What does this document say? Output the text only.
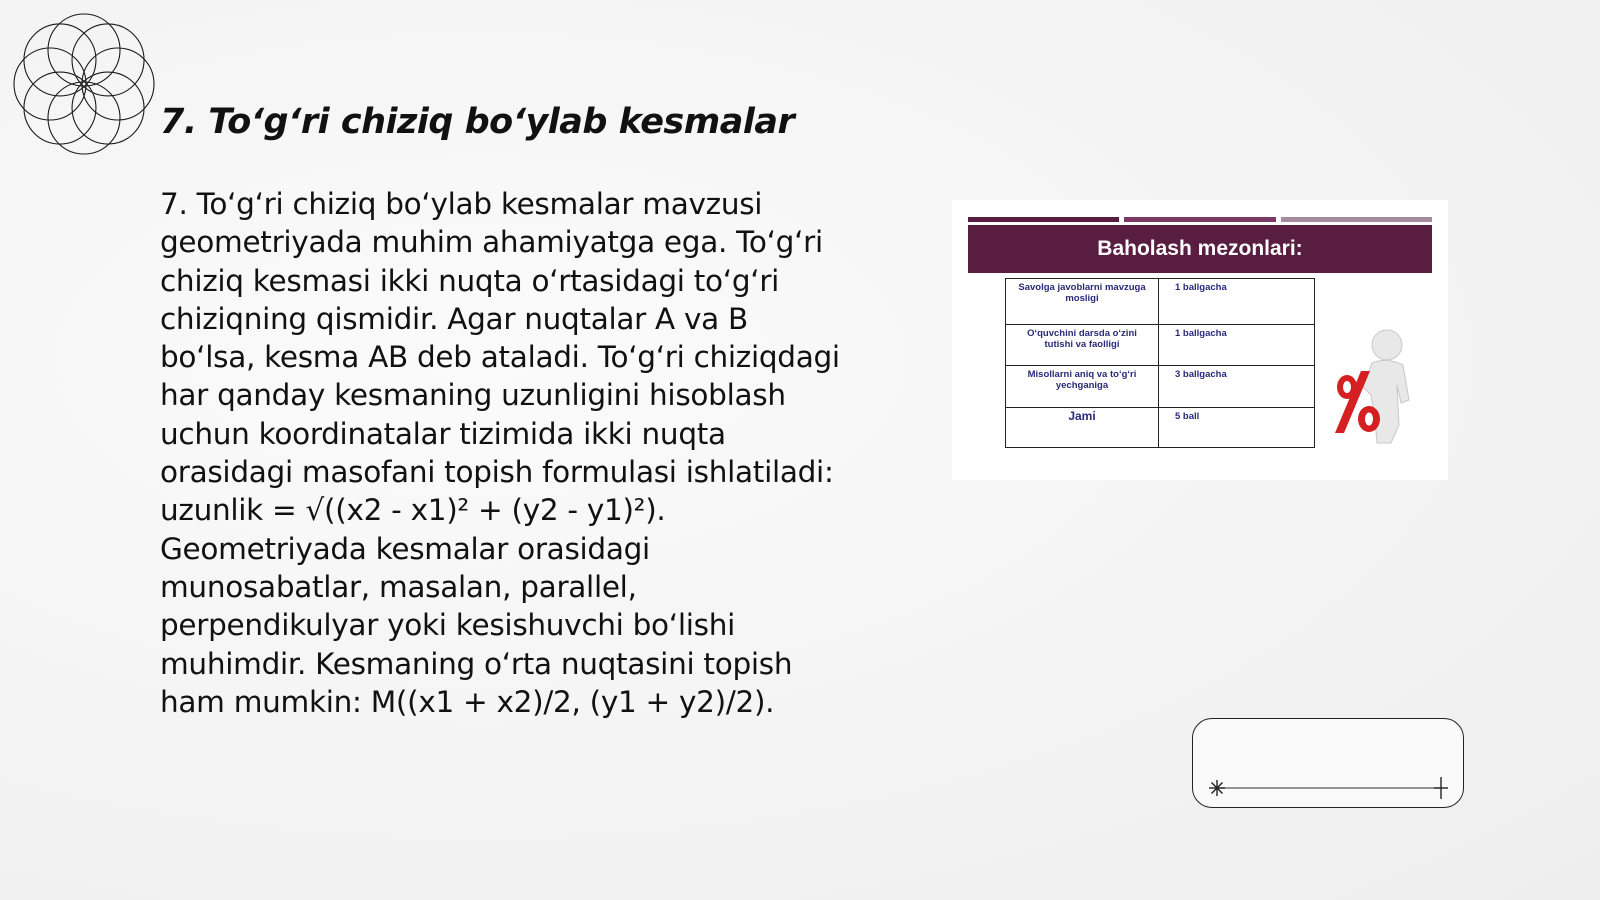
7. To‘g‘ri chiziq bo‘ylab kesmalar

7. To‘g‘ri chiziq bo‘ylab kesmalar mavzusi geometriyada muhim ahamiyatga ega. To‘g‘ri chiziq kesmasi ikki nuqta o‘rtasidagi to‘g‘ri chiziqning qismidir. Agar nuqtalar A va B bo‘lsa, kesma AB deb ataladi. To‘g‘ri chiziqdagi har qanday kesmaning uzunligini hisoblash uchun koordinatalar tizimida ikki nuqta orasidagi masofani topish formulasi ishlatiladi: uzunlik = √((x2 - x1)² + (y2 - y1)²). Geometriyada kesmalar orasidagi munosabatlar, masalan, parallel, perpendikulyar yoki kesishuvchi bo‘lishi muhimdir. Kesmaning o‘rta nuqtasini topish ham mumkin: M((x1 + x2)/2, (y1 + y2)/2).

Baholash mezonlari:
Savolga javoblarni mavzuga mosligi	1 ballgacha
O‘quvchini darsda o‘zini tutishi va faolligi	1 ballgacha
Misollarni aniq va to‘g‘ri yechganiga	3 ballgacha
Jami	5 ball
